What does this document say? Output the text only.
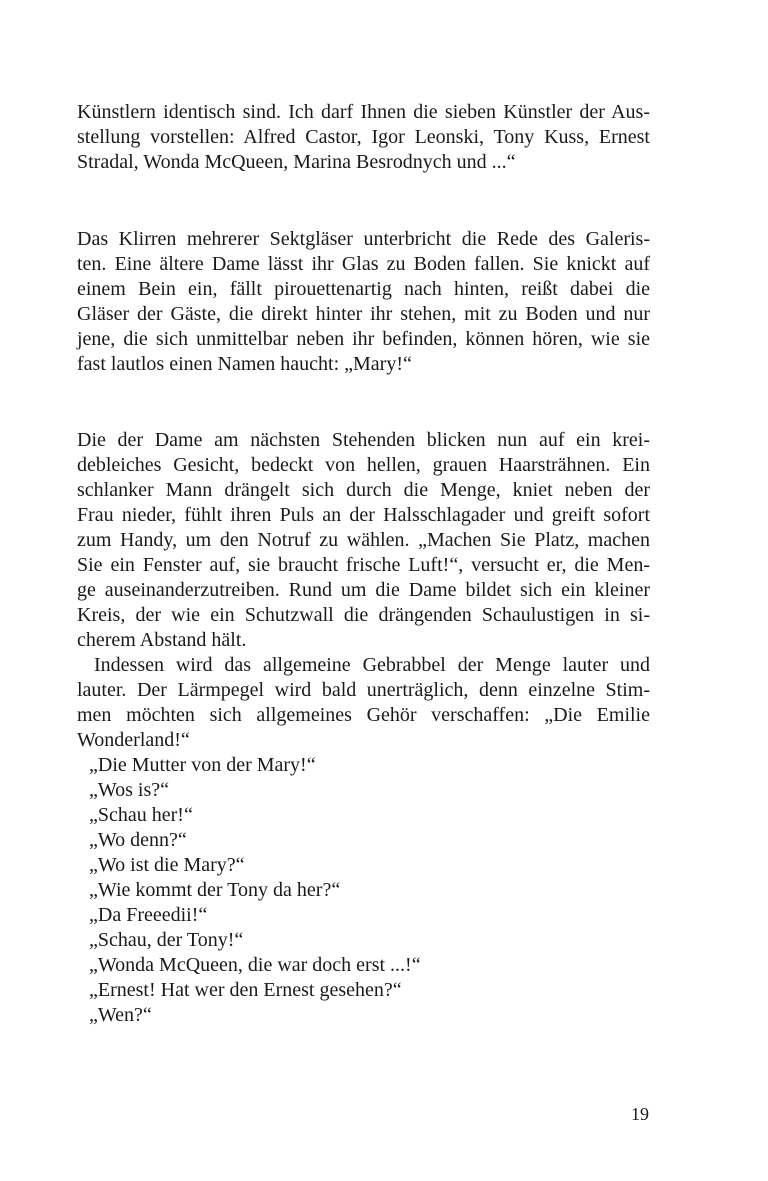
Künstlern identisch sind. Ich darf Ihnen die sieben Künstler der Aus-
stellung vorstellen: Alfred Castor, Igor Leonski, Tony Kuss, Ernest
Stradal, Wonda McQueen, Marina Besrodnych und ...“

Das Klirren mehrerer Sektgläser unterbricht die Rede des Galeris-
ten. Eine ältere Dame lässt ihr Glas zu Boden fallen. Sie knickt auf
einem Bein ein, fällt pirouettenartig nach hinten, reißt dabei die
Gläser der Gäste, die direkt hinter ihr stehen, mit zu Boden und nur
jene, die sich unmittelbar neben ihr befinden, können hören, wie sie
fast lautlos einen Namen haucht: „Mary!“

Die der Dame am nächsten Stehenden blicken nun auf ein krei-
debleiches Gesicht, bedeckt von hellen, grauen Haarsträhnen. Ein
schlanker Mann drängelt sich durch die Menge, kniet neben der
Frau nieder, fühlt ihren Puls an der Halsschlagader und greift sofort
zum Handy, um den Notruf zu wählen. „Machen Sie Platz, machen
Sie ein Fenster auf, sie braucht frische Luft!“, versucht er, die Men-
ge auseinanderzutreiben. Rund um die Dame bildet sich ein kleiner
Kreis, der wie ein Schutzwall die drängenden Schaulustigen in si-
cherem Abstand hält.

Indessen wird das allgemeine Gebrabbel der Menge lauter und
lauter. Der Lärmpegel wird bald unerträglich, denn einzelne Stim-
men möchten sich allgemeines Gehör verschaffen: „Die Emilie
Wonderland!“

„Die Mutter von der Mary!“

„Wos is?“

„Schau her!“

„Wo denn?“

„Wo ist die Mary?“

„Wie kommt der Tony da her?“

„Da Freeedii!“

„Schau, der Tony!“

„Wonda McQueen, die war doch erst ...!“

„Ernest! Hat wer den Ernest gesehen?“

„Wen?“

19
